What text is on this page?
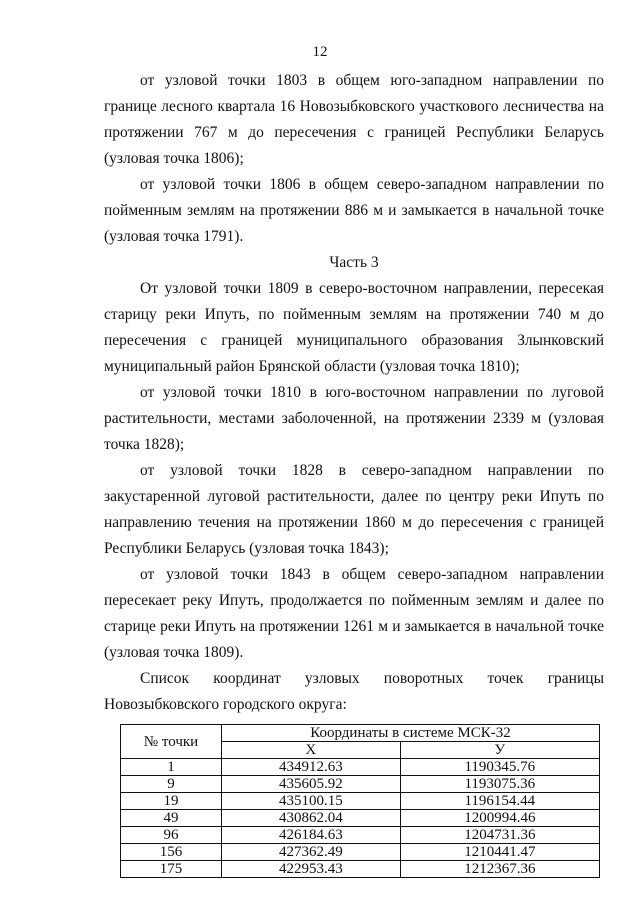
12

от узловой точки 1803 в общем юго-западном направлении по границе лесного квартала 16 Новозыбковского участкового лесничества на протяжении 767 м до пересечения с границей Республики Беларусь (узловая точка 1806);

от узловой точки 1806 в общем северо-западном направлении по пойменным землям на протяжении 886 м и замыкается в начальной точке (узловая точка 1791).

Часть 3

От узловой точки 1809 в северо-восточном направлении, пересекая старицу реки Ипуть, по пойменным землям на протяжении 740 м до пересечения с границей муниципального образования Злынковский муниципальный район Брянской области (узловая точка 1810);

от узловой точки 1810 в юго-восточном направлении по луговой растительности, местами заболоченной, на протяжении 2339 м (узловая точка 1828);

от узловой точки 1828 в северо-западном направлении по закустаренной луговой растительности, далее по центру реки Ипуть по направлению течения на протяжении 1860 м до пересечения с границей Республики Беларусь (узловая точка 1843);

от узловой точки 1843 в общем северо-западном направлении пересекает реку Ипуть, продолжается по пойменным землям и далее по старице реки Ипуть на протяжении 1261 м и замыкается в начальной точке (узловая точка 1809).

Список координат узловых поворотных точек границы Новозыбковского городского округа:

№ точки	Координаты в системе МСК-32	
	X	У
1	434912.63	1190345.76
9	435605.92	1193075.36
19	435100.15	1196154.44
49	430862.04	1200994.46
96	426184.63	1204731.36
156	427362.49	1210441.47
175	422953.43	1212367.36
